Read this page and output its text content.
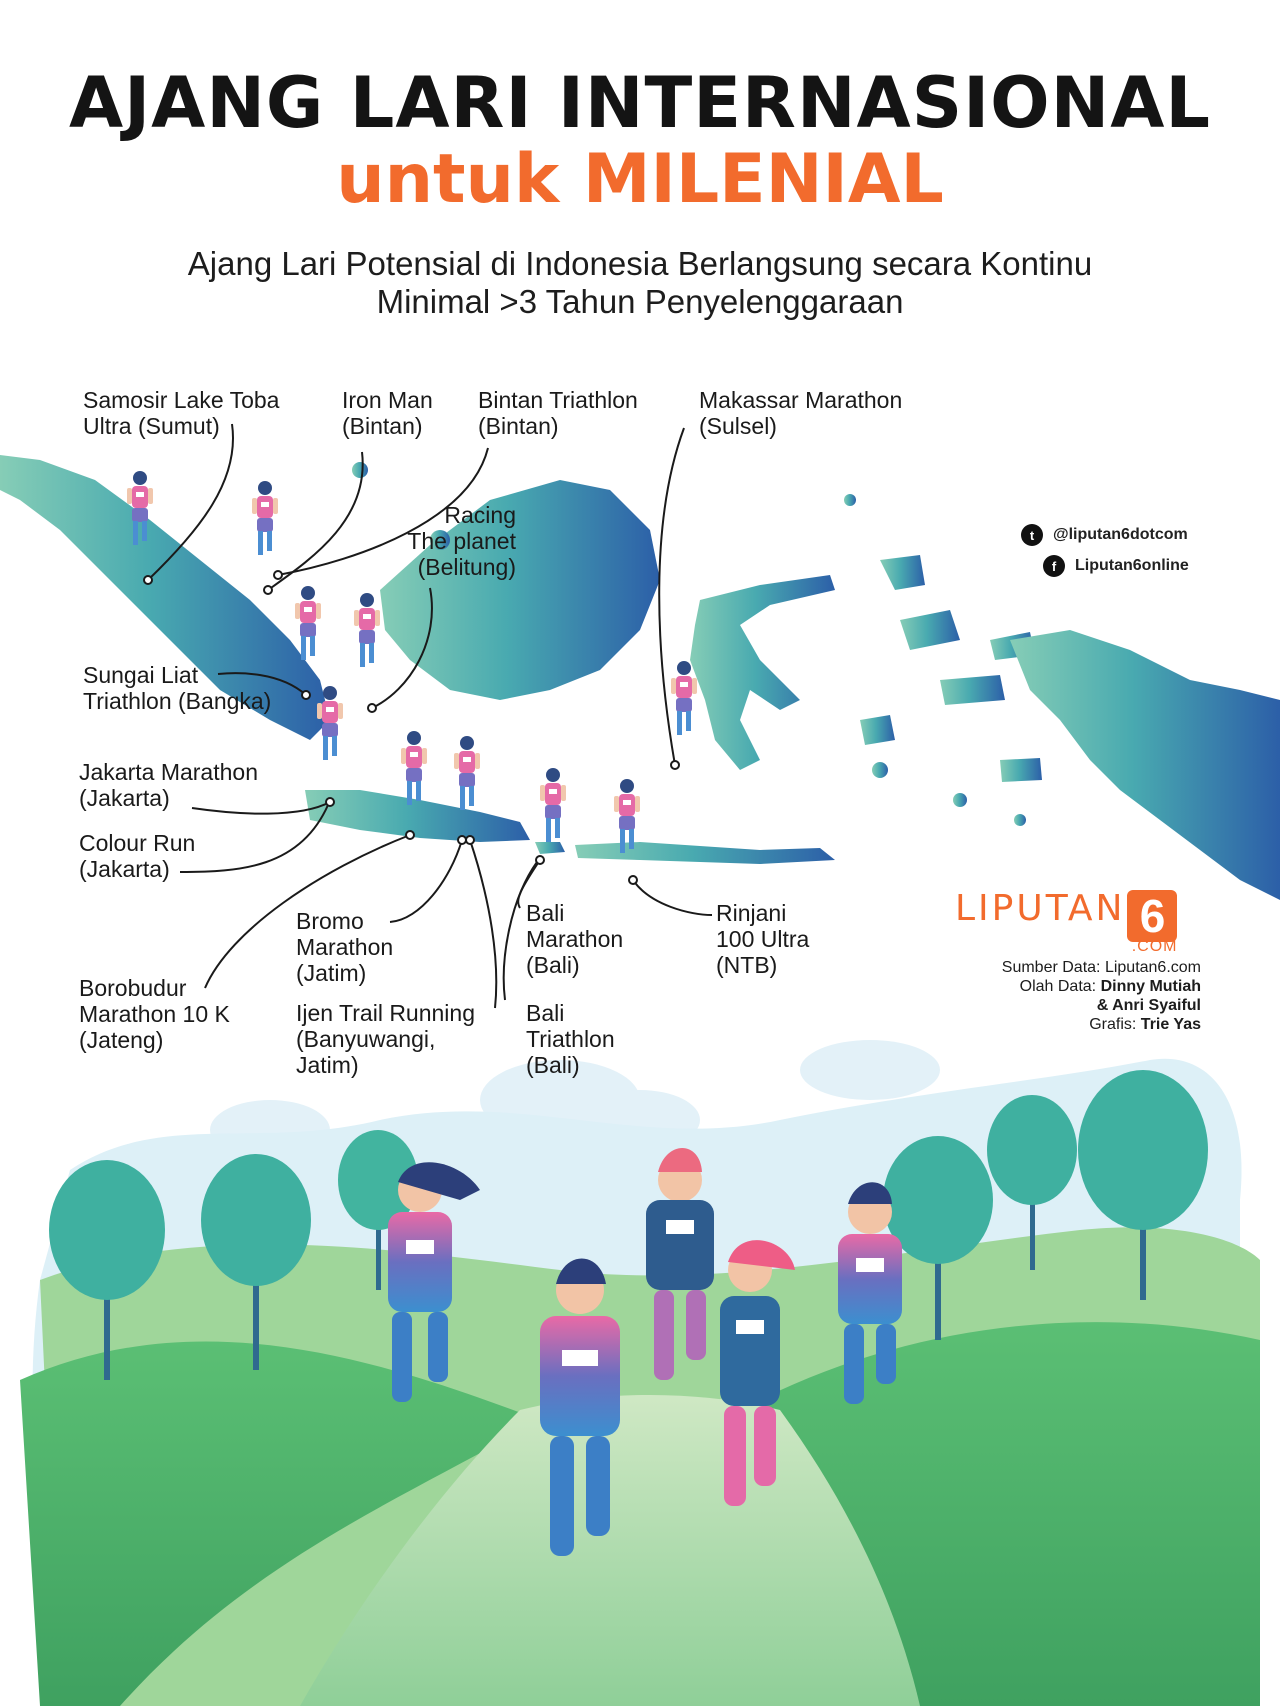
AJANG LARI INTERNASIONAL
untuk MILENIAL
Ajang Lari Potensial di Indonesia Berlangsung secara Kontinu
Minimal >3 Tahun Penyelenggaraan
Samosir Lake Toba
Ultra (Sumut)
Iron Man
(Bintan)
Bintan Triathlon
(Bintan)
Makassar Marathon
(Sulsel)
Racing
The planet
(Belitung)
Sungai Liat
Triathlon (Bangka)
Jakarta Marathon
(Jakarta)
Colour Run
(Jakarta)
Borobudur
Marathon 10 K
(Jateng)
Bromo
Marathon
(Jatim)
Ijen Trail Running
(Banyuwangi,
Jatim)
Bali
Marathon
(Bali)
Bali
Triathlon
(Bali)
Rinjani
100 Ultra
(NTB)
t	@liputan6dotcom
f	Liputan6online
LIPUTAN 6
.COM
Sumber Data: Liputan6.com
Olah Data: Dinny Mutiah
& Anri Syaiful
Grafis: Trie Yas
